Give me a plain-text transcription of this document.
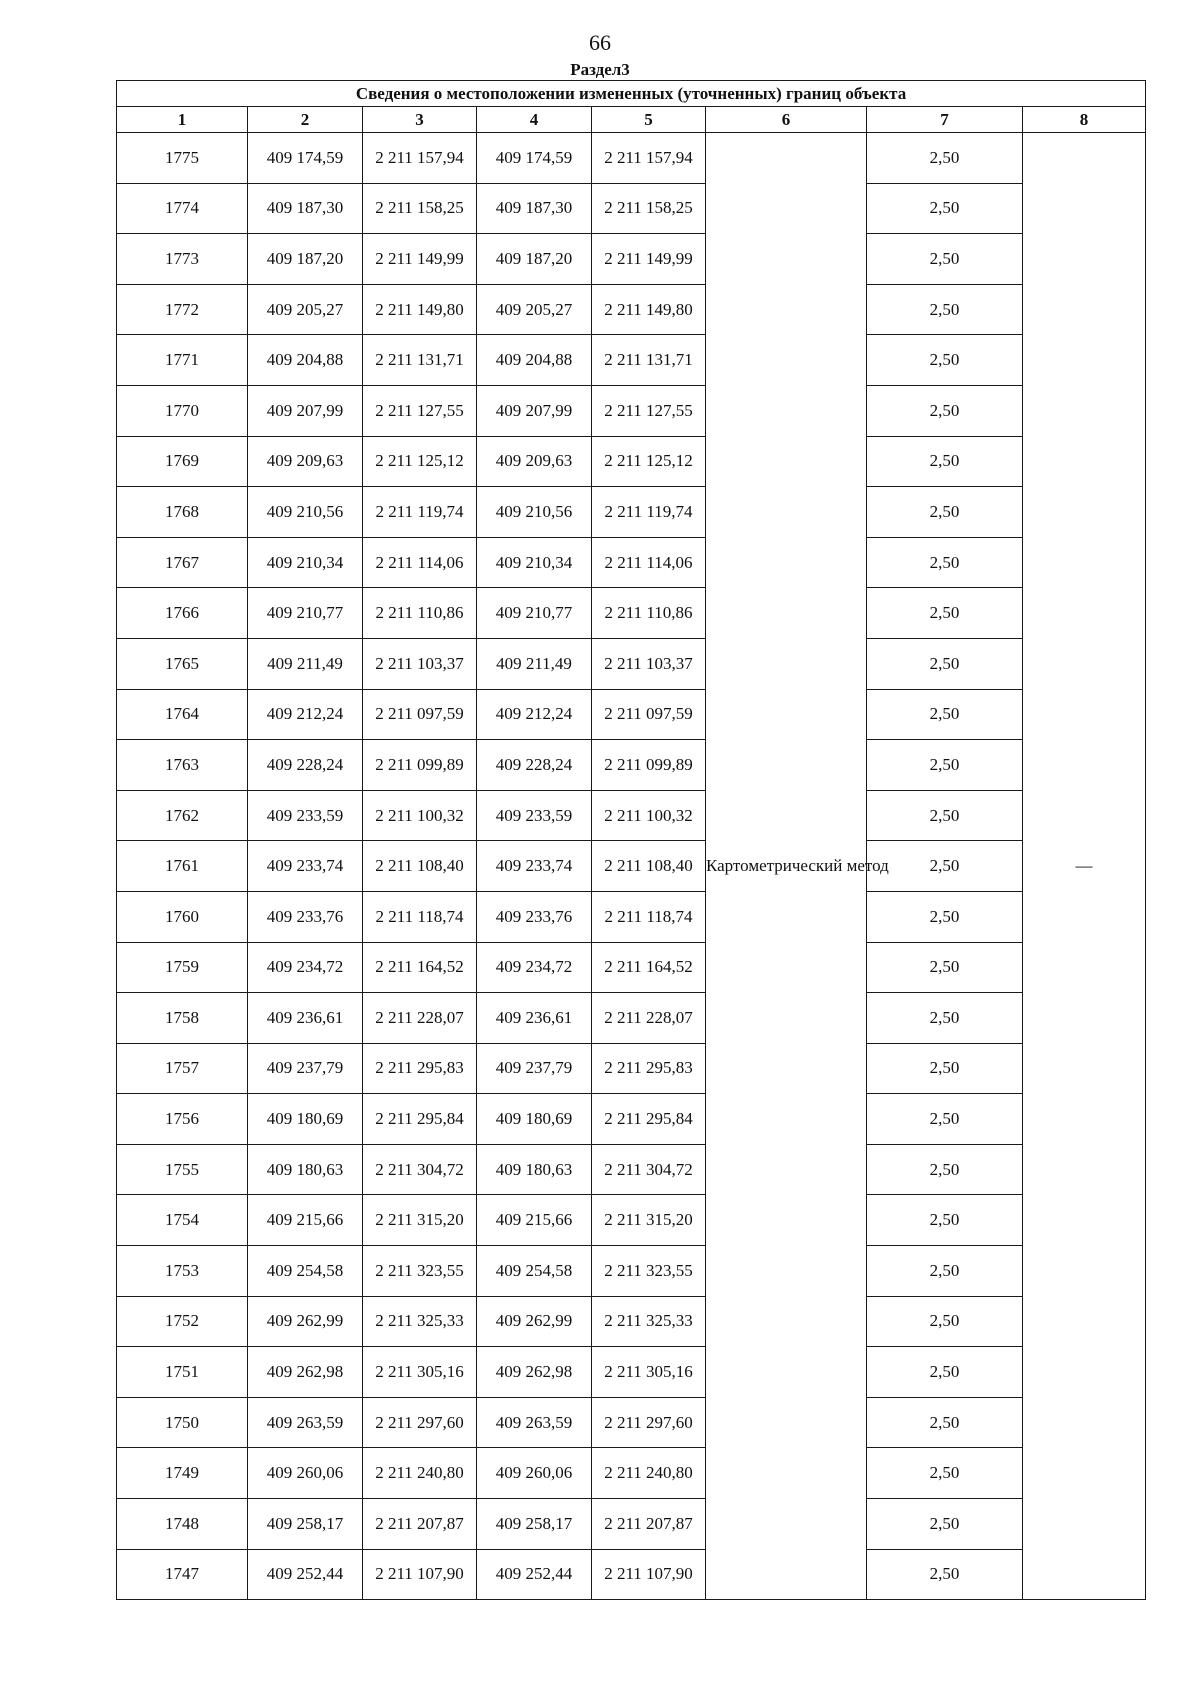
66
Раздел3
Сведения о местоположении измененных (уточненных) границ объекта							
1	2	3	4	5	6	7	8
1775	409 174,59	2 211 157,94	409 174,59	2 211 157,94	Картометрический метод	2,50	—
1774	409 187,30	2 211 158,25	409 187,30	2 211 158,25		2,50	
1773	409 187,20	2 211 149,99	409 187,20	2 211 149,99		2,50	
1772	409 205,27	2 211 149,80	409 205,27	2 211 149,80		2,50	
1771	409 204,88	2 211 131,71	409 204,88	2 211 131,71		2,50	
1770	409 207,99	2 211 127,55	409 207,99	2 211 127,55		2,50	
1769	409 209,63	2 211 125,12	409 209,63	2 211 125,12		2,50	
1768	409 210,56	2 211 119,74	409 210,56	2 211 119,74		2,50	
1767	409 210,34	2 211 114,06	409 210,34	2 211 114,06		2,50	
1766	409 210,77	2 211 110,86	409 210,77	2 211 110,86		2,50	
1765	409 211,49	2 211 103,37	409 211,49	2 211 103,37		2,50	
1764	409 212,24	2 211 097,59	409 212,24	2 211 097,59		2,50	
1763	409 228,24	2 211 099,89	409 228,24	2 211 099,89		2,50	
1762	409 233,59	2 211 100,32	409 233,59	2 211 100,32		2,50	
1761	409 233,74	2 211 108,40	409 233,74	2 211 108,40		2,50	
1760	409 233,76	2 211 118,74	409 233,76	2 211 118,74		2,50	
1759	409 234,72	2 211 164,52	409 234,72	2 211 164,52		2,50	
1758	409 236,61	2 211 228,07	409 236,61	2 211 228,07		2,50	
1757	409 237,79	2 211 295,83	409 237,79	2 211 295,83		2,50	
1756	409 180,69	2 211 295,84	409 180,69	2 211 295,84		2,50	
1755	409 180,63	2 211 304,72	409 180,63	2 211 304,72		2,50	
1754	409 215,66	2 211 315,20	409 215,66	2 211 315,20		2,50	
1753	409 254,58	2 211 323,55	409 254,58	2 211 323,55		2,50	
1752	409 262,99	2 211 325,33	409 262,99	2 211 325,33		2,50	
1751	409 262,98	2 211 305,16	409 262,98	2 211 305,16		2,50	
1750	409 263,59	2 211 297,60	409 263,59	2 211 297,60		2,50	
1749	409 260,06	2 211 240,80	409 260,06	2 211 240,80		2,50	
1748	409 258,17	2 211 207,87	409 258,17	2 211 207,87		2,50	
1747	409 252,44	2 211 107,90	409 252,44	2 211 107,90		2,50	
